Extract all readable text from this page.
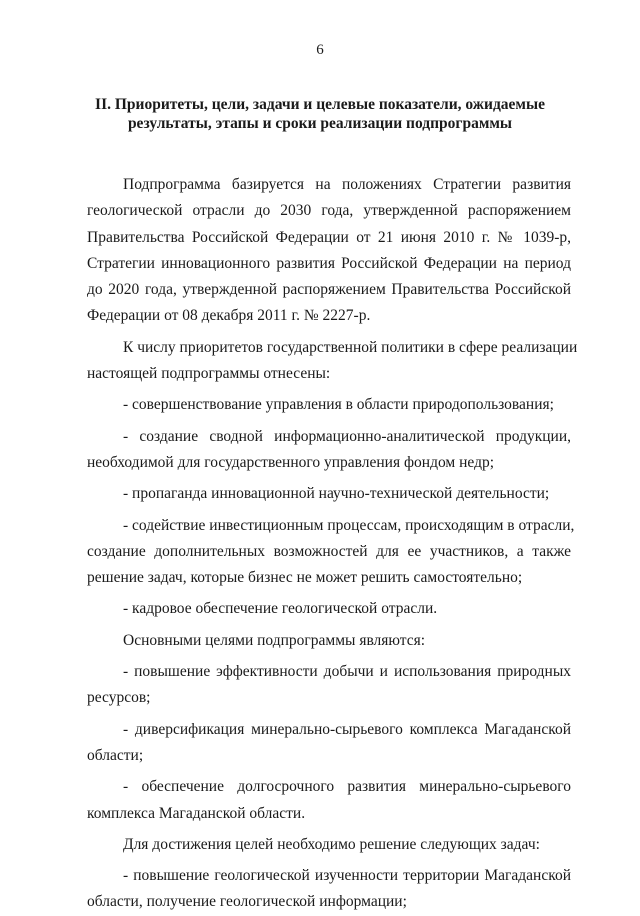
6
II. Приоритеты, цели, задачи и целевые показатели, ожидаемые
результаты, этапы и сроки реализации подпрограммы
Подпрограмма базируется на положениях Стратегии развития
геологической отрасли до 2030 года, утвержденной распоряжением
Правительства Российской Федерации от 21 июня 2010 г. № 1039-р,
Стратегии инновационного развития Российской Федерации на период
до 2020 года, утвержденной распоряжением Правительства Российской
Федерации от 08 декабря 2011 г. № 2227-р.
К числу приоритетов государственной политики в сфере реализации
настоящей подпрограммы отнесены:
- совершенствование управления в области природопользования;
- создание сводной информационно-аналитической продукции,
необходимой для государственного управления фондом недр;
- пропаганда инновационной научно-технической деятельности;
- содействие инвестиционным процессам, происходящим в отрасли,
создание дополнительных возможностей для ее участников, а также
решение задач, которые бизнес не может решить самостоятельно;
- кадровое обеспечение геологической отрасли.
Основными целями подпрограммы являются:
- повышение эффективности добычи и использования природных
ресурсов;
- диверсификация минерально-сырьевого комплекса Магаданской
области;
- обеспечение долгосрочного развития минерально-сырьевого
комплекса Магаданской области.
Для достижения целей необходимо решение следующих задач:
- повышение геологической изученности территории Магаданской
области, получение геологической информации;
